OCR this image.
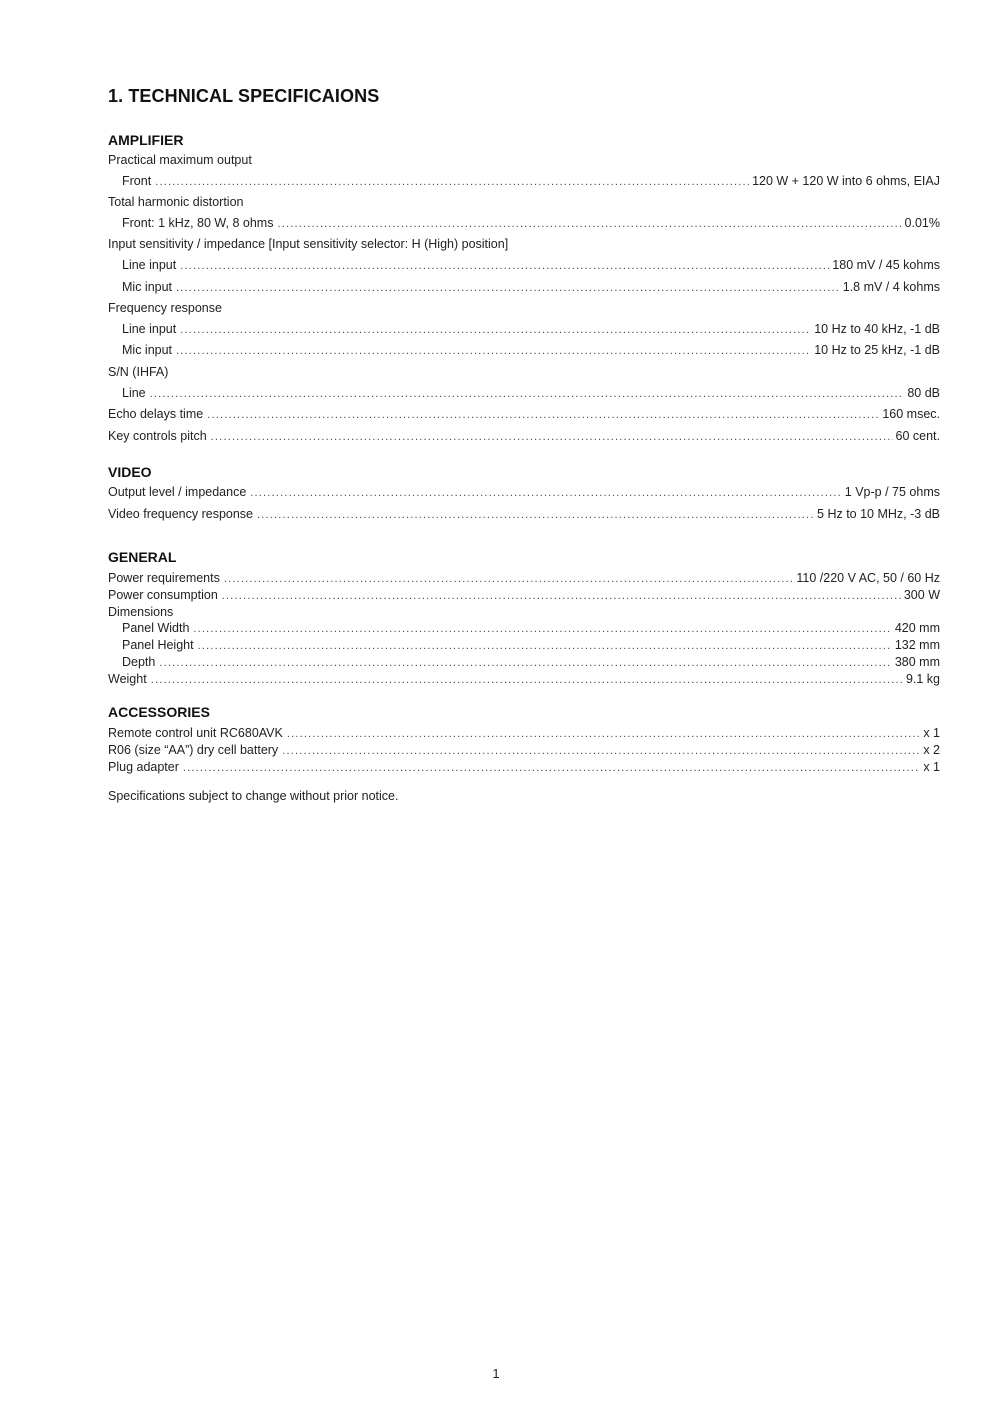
1. TECHNICAL SPECIFICAIONS
AMPLIFIER
Practical maximum output
Front .....	120 W + 120 W into 6 ohms, EIAJ
Total harmonic distortion
Front: 1 kHz, 80 W, 8 ohms .....	0.01%
Input sensitivity / impedance [Input sensitivity selector: H (High) position]
Line input .....	180 mV / 45 kohms
Mic input .....	1.8 mV / 4 kohms
Frequency response
Line input .....	10 Hz to 40 kHz, -1 dB
Mic input .....	10 Hz to 25 kHz, -1 dB
S/N (IHFA)
Line .....	80 dB
Echo delays time .....	160 msec.
Key controls pitch .....	60 cent.
VIDEO
Output level / impedance .....	1 Vp-p / 75 ohms
Video frequency response .....	5 Hz to 10 MHz, -3 dB
GENERAL
Power requirements .....	110 /220 V AC, 50 / 60 Hz
Power consumption .....	300 W
Dimensions
Panel Width .....	420 mm
Panel Height .....	132 mm
Depth .....	380 mm
Weight .....	9.1 kg
ACCESSORIES
Remote control unit RC680AVK .....	x 1
R06 (size “AA”) dry cell battery .....	x 2
Plug adapter .....	x 1

Specifications subject to change without prior notice.

1
